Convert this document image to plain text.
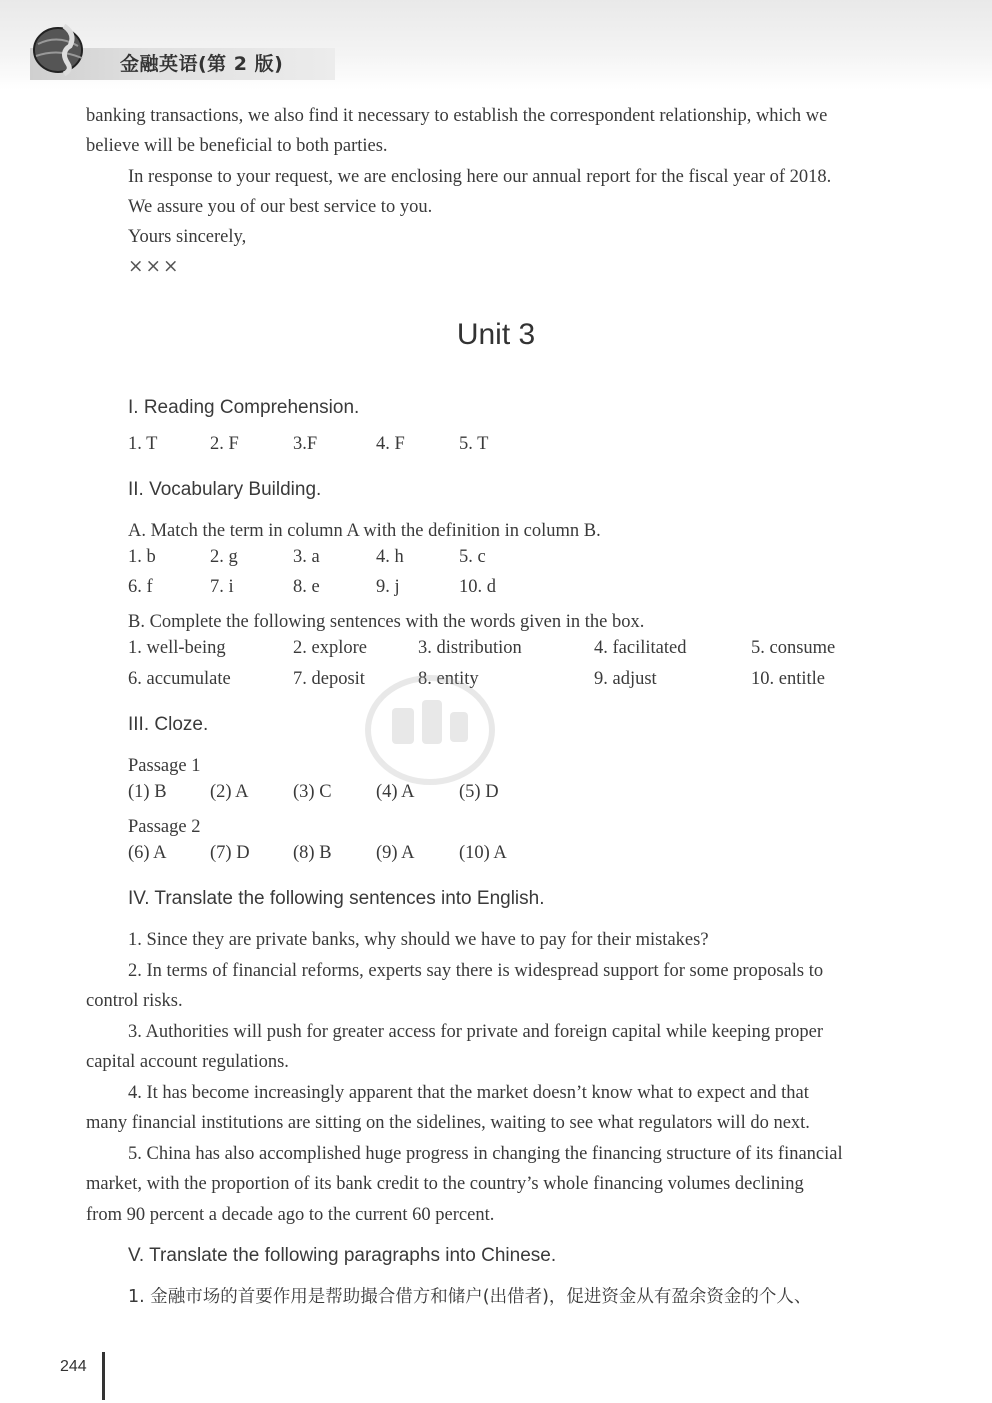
金融英语(第 2 版)

banking transactions, we also find it necessary to establish the correspondent relationship, which we

believe will be beneficial to both parties.

In response to your request, we are enclosing here our annual report for the fiscal year of 2018.

We assure you of our best service to you.

Yours sincerely,

×××

Unit 3
I. Reading Comprehension.
1. T	2. F	3.F	4. F	5. T
II. Vocabulary Building.

A. Match the term in column A with the definition in column B.

1. b	2. g	3. a	4. h	5. c
6. f	7. i	8. e	9. j	10. d

B. Complete the following sentences with the words given in the box.

1. well-being	2. explore	3. distribution	4. facilitated	5. consume
6. accumulate	7. deposit	8. entity	9. adjust	10. entitle
III. Cloze.

Passage 1

(1) B (2) A (3) C (4) A (5) D

Passage 2

(6) A (7) D (8) B (9) A (10) A
IV. Translate the following sentences into English.

1. Since they are private banks, why should we have to pay for their mistakes?

2. In terms of financial reforms, experts say there is widespread support for some proposals to

control risks.

3. Authorities will push for greater access for private and foreign capital while keeping proper

capital account regulations.

4. It has become increasingly apparent that the market doesn’t know what to expect and that

many financial institutions are sitting on the sidelines, waiting to see what regulators will do next.

5. China has also accomplished huge progress in changing the financing structure of its financial

market, with the proportion of its bank credit to the country’s whole financing volumes declining

from 90 percent a decade ago to the current 60 percent.

V. Translate the following paragraphs into Chinese.

1. 金融市场的首要作用是帮助撮合借方和储户(出借者)，促进资金从有盈余资金的个人、

244
